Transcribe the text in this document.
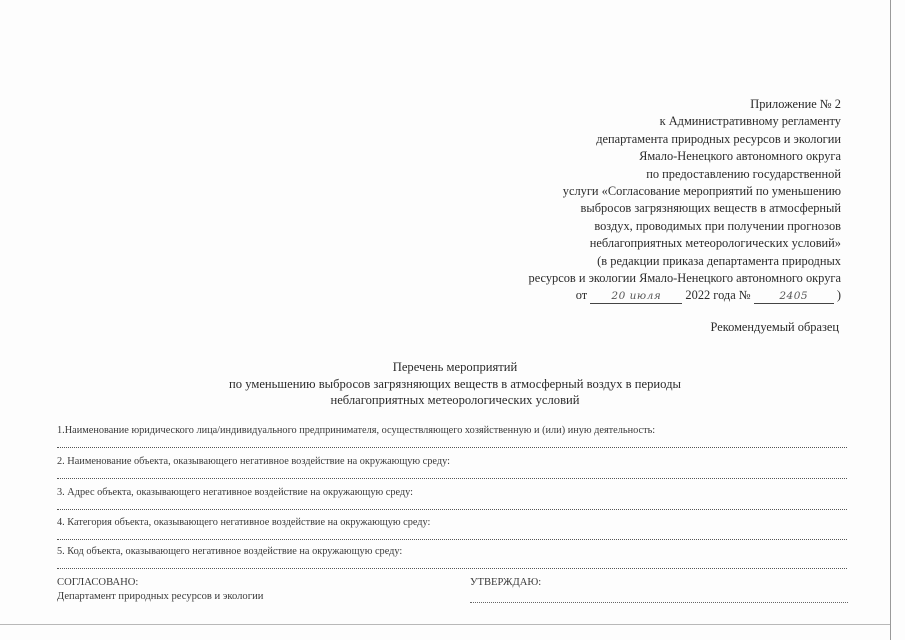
Приложение № 2
к Административному регламенту
департамента природных ресурсов и экологии
Ямало-Ненецкого автономного округа
по предоставлению государственной
услуги «Согласование мероприятий по уменьшению
выбросов загрязняющих веществ в атмосферный
воздух, проводимых при получении прогнозов
неблагоприятных метеорологических условий»
(в редакции приказа департамента природных
ресурсов и экологии Ямало-Ненецкого автономного округа
от 20 июля 2022 года №	2405 )
Рекомендуемый образец
Перечень мероприятий
по уменьшению выбросов загрязняющих веществ в атмосферный воздух в периоды
неблагоприятных метеорологических условий
1.Наименование юридического лица/индивидуального предпринимателя, осуществляющего хозяйственную и (или) иную деятельность:
2. Наименование объекта, оказывающего негативное воздействие на окружающую среду:
3. Адрес объекта, оказывающего негативное воздействие на окружающую среду:
4. Категория объекта, оказывающего негативное воздействие на окружающую среду:
5. Код объекта, оказывающего негативное воздействие на окружающую среду:
СОГЛАСОВАНО:
Департамент природных ресурсов и экологии
УТВЕРЖДАЮ:
